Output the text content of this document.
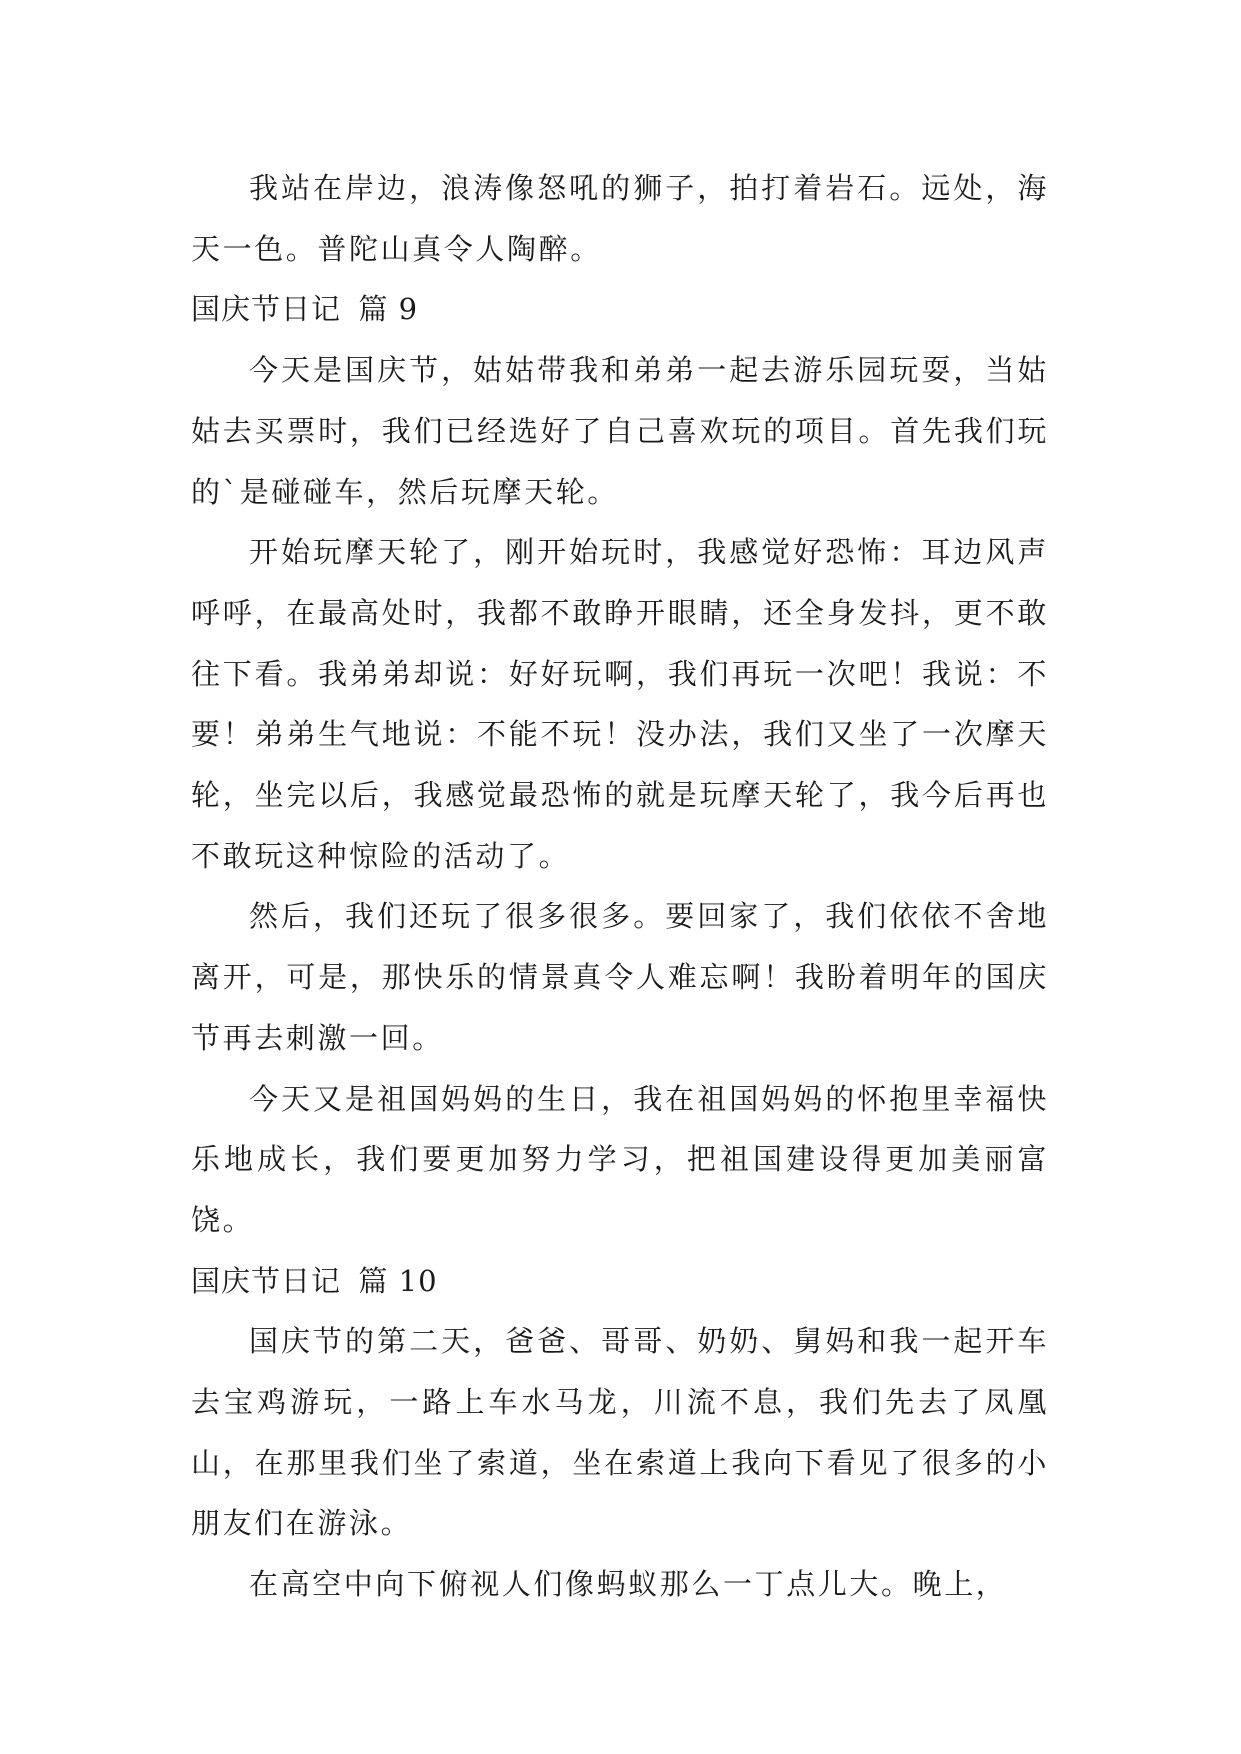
我站在岸边，浪涛像怒吼的狮子，拍打着岩石。远处，海天一色。普陀山真令人陶醉。

国庆节日记 篇 9

今天是国庆节，姑姑带我和弟弟一起去游乐园玩耍，当姑姑去买票时，我们已经选好了自己喜欢玩的项目。首先我们玩的`是碰碰车，然后玩摩天轮。

开始玩摩天轮了，刚开始玩时，我感觉好恐怖：耳边风声呼呼，在最高处时，我都不敢睁开眼睛，还全身发抖，更不敢往下看。我弟弟却说：好好玩啊，我们再玩一次吧！我说：不要！弟弟生气地说：不能不玩！没办法，我们又坐了一次摩天轮，坐完以后，我感觉最恐怖的就是玩摩天轮了，我今后再也不敢玩这种惊险的活动了。

然后，我们还玩了很多很多。要回家了，我们依依不舍地离开，可是，那快乐的情景真令人难忘啊！我盼着明年的国庆节再去刺激一回。

今天又是祖国妈妈的生日，我在祖国妈妈的怀抱里幸福快乐地成长，我们要更加努力学习，把祖国建设得更加美丽富饶。

国庆节日记 篇 10

国庆节的第二天，爸爸、哥哥、奶奶、舅妈和我一起开车去宝鸡游玩，一路上车水马龙，川流不息，我们先去了凤凰山，在那里我们坐了索道，坐在索道上我向下看见了很多的小朋友们在游泳。

在高空中向下俯视人们像蚂蚁那么一丁点儿大。晚上，
